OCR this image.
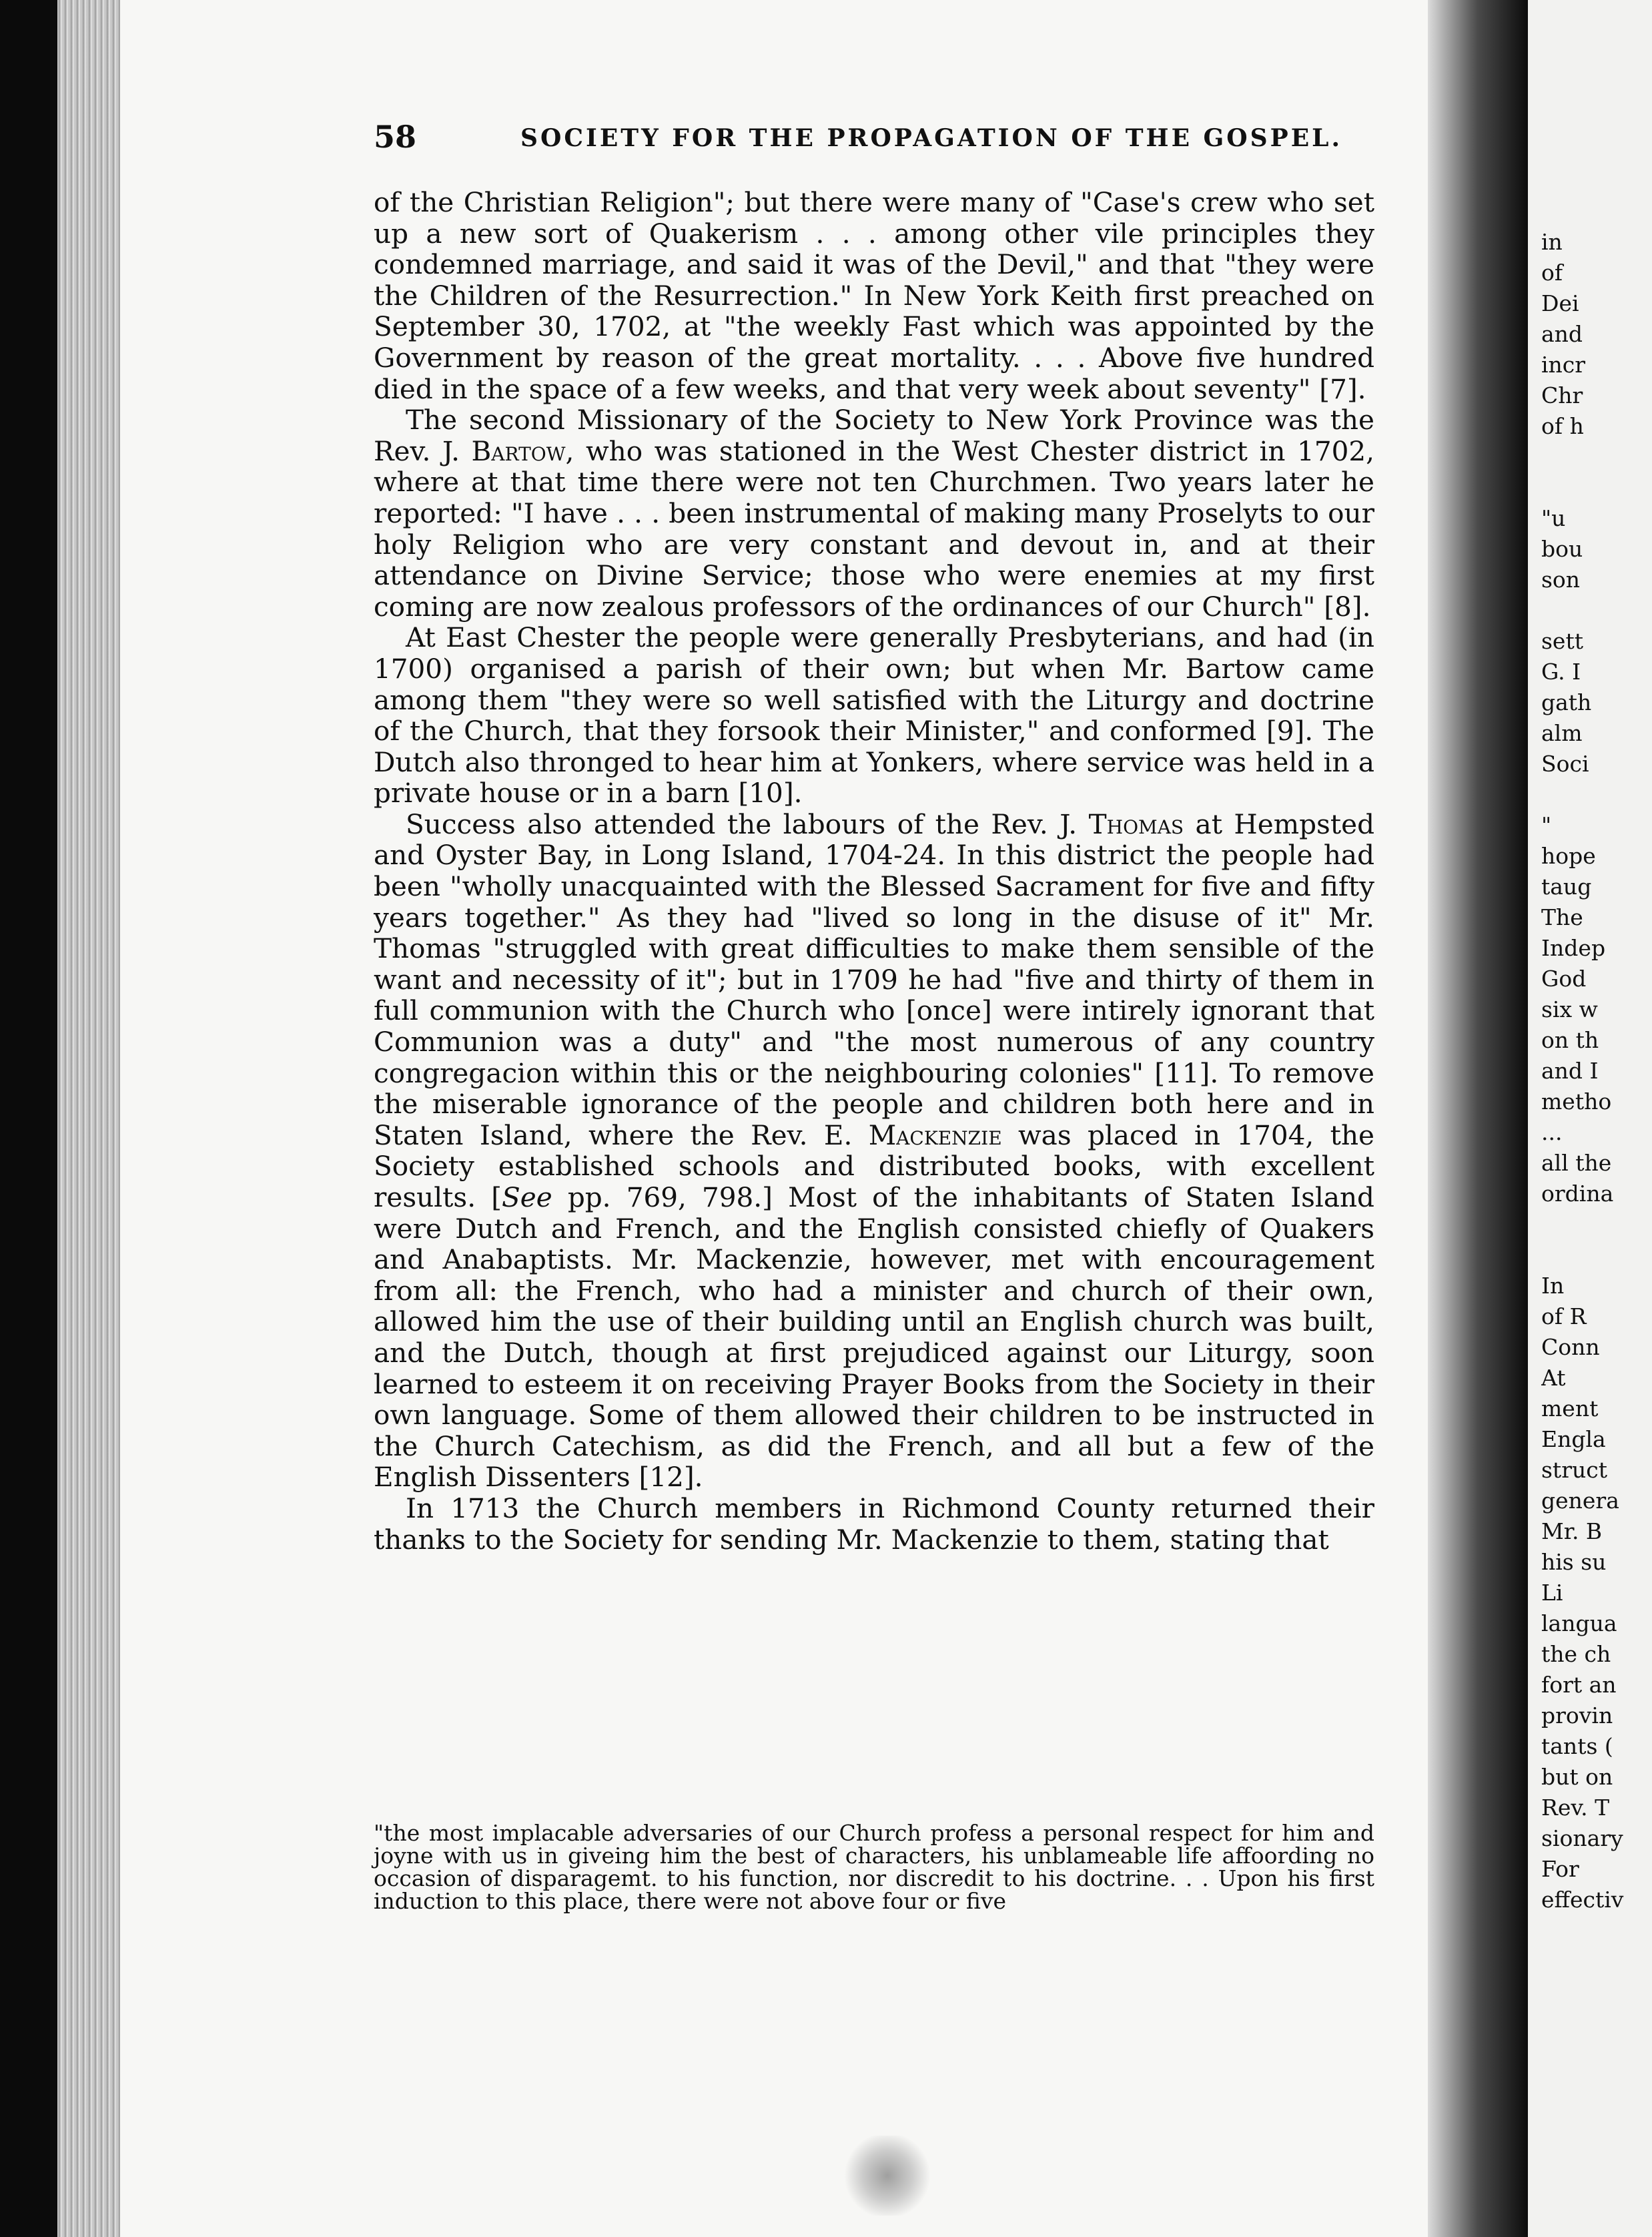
58	SOCIETY FOR THE PROPAGATION OF THE GOSPEL.

of the Christian Religion"; but there were many of "Case's crew who set up a new sort of Quakerism . . . among other vile principles they condemned marriage, and said it was of the Devil," and that "they were the Children of the Resurrection." In New York Keith first preached on September 30, 1702, at "the weekly Fast which was appointed by the Government by reason of the great mortality. . . . Above five hundred died in the space of a few weeks, and that very week about seventy" [7].

The second Missionary of the Society to New York Province was the Rev. J. Bartow, who was stationed in the West Chester district in 1702, where at that time there were not ten Churchmen. Two years later he reported: "I have . . . been instrumental of making many Proselyts to our holy Religion who are very constant and devout in, and at their attendance on Divine Service; those who were enemies at my first coming are now zealous professors of the ordinances of our Church" [8].

At East Chester the people were generally Presbyterians, and had (in 1700) organised a parish of their own; but when Mr. Bartow came among them "they were so well satisfied with the Liturgy and doctrine of the Church, that they forsook their Minister," and conformed [9]. The Dutch also thronged to hear him at Yonkers, where service was held in a private house or in a barn [10].

Success also attended the labours of the Rev. J. Thomas at Hempsted and Oyster Bay, in Long Island, 1704-24. In this district the people had been "wholly unacquainted with the Blessed Sacrament for five and fifty years together." As they had "lived so long in the disuse of it" Mr. Thomas "struggled with great difficulties to make them sensible of the want and necessity of it"; but in 1709 he had "five and thirty of them in full communion with the Church who [once] were intirely ignorant that Communion was a duty" and "the most numerous of any country congregacion within this or the neighbouring colonies" [11]. To remove the miserable ignorance of the people and children both here and in Staten Island, where the Rev. E. Mackenzie was placed in 1704, the Society established schools and distributed books, with excellent results. [See pp. 769, 798.] Most of the inhabitants of Staten Island were Dutch and French, and the English consisted chiefly of Quakers and Anabaptists. Mr. Mackenzie, however, met with encouragement from all: the French, who had a minister and church of their own, allowed him the use of their building until an English church was built, and the Dutch, though at first prejudiced against our Liturgy, soon learned to esteem it on receiving Prayer Books from the Society in their own language. Some of them allowed their children to be instructed in the Church Catechism, as did the French, and all but a few of the English Dissenters [12].

In 1713 the Church members in Richmond County returned their thanks to the Society for sending Mr. Mackenzie to them, stating that

"the most implacable adversaries of our Church profess a personal respect for him and joyne with us in giveing him the best of characters, his unblameable life affoording no occasion of disparagemt. to his function, nor discredit to his doctrine. . . Upon his first induction to this place, there were not above four or five

in
of
Dei
and
incr
Chr
of h
"u
bou
son
sett
G. I
gath
alm
Soci
"
hope
taug
The
Indep
God
six w
on th
and I
metho
...
all the
ordina
In
of R
Conn
At
ment
Engla
struct
genera
Mr. B
his su
Li
langua
the ch
fort an
provin
tants (
but on
Rev. T
sionary
For
effectiv
